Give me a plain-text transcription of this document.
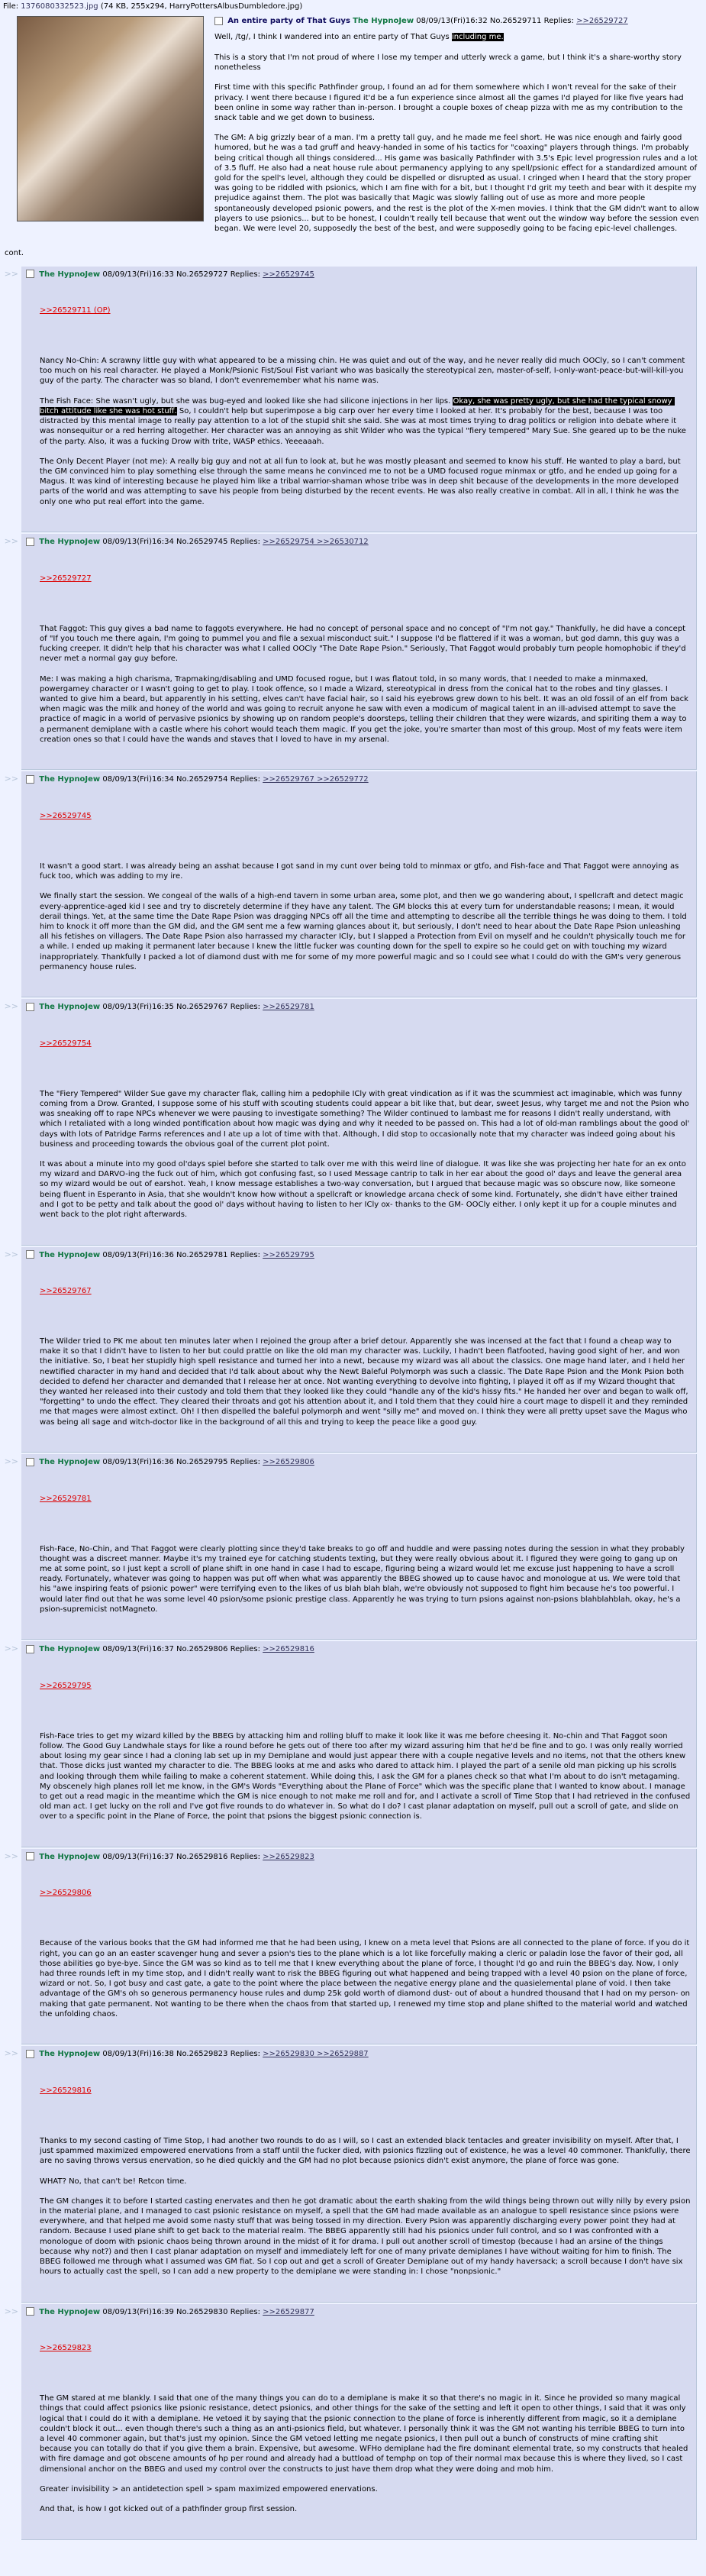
File: 1376080332523.jpg (74 KB, 255x294, HarryPottersAlbusDumbledore.jpg)
An entire party of That Guys The HypnoJew 08/09/13(Fri)16:32 No.26529711 Replies: >>26529727
Well, /tg/, I think I wandered into an entire party of That Guys including me.

This is a story that I'm not proud of where I lose my temper and utterly wreck a game, but I think it's a share-worthy story nonetheless

First time with this specific Pathfinder group, I found an ad for them somewhere which I won't reveal for the sake of their privacy. I went there because I figured it'd be a fun experience since almost all the games I'd played for like five years had been online in some way rather than in-person. I brought a couple boxes of cheap pizza with me as my contribution to the snack table and we get down to business.

The GM: A big grizzly bear of a man. I'm a pretty tall guy, and he made me feel short. He was nice enough and fairly good humored, but he was a tad gruff and heavy-handed in some of his tactics for "coaxing" players through things. I'm probably being critical though all things considered... His game was basically Pathfinder with 3.5's Epic level progression rules and a lot of 3.5 fluff. He also had a neat house rule about permanency applying to any spell/psionic effect for a standardized amount of gold for the spell's level, although they could be dispelled or disrupted as usual. I cringed when I heard that the story proper was going to be riddled with psionics, which I am fine with for a bit, but I thought I'd grit my teeth and bear with it despite my prejudice against them. The plot was basically that Magic was slowly falling out of use as more and more people spontaneously developed psionic powers, and the rest is the plot of the X-men movies. I think that the GM didn't want to allow players to use psionics... but to be honest, I couldn't really tell because that went out the window way before the session even began. We were level 20, supposedly the best of the best, and were supposedly going to be facing epic-level challenges.

cont.
>>	The HypnoJew 08/09/13(Fri)16:33 No.26529727 Replies: >>26529745

>>26529711 (OP)

Nancy No-Chin: A scrawny little guy with what appeared to be a missing chin. He was quiet and out of the way, and he never really did much OOCly, so I can't comment too much on his real character. He played a Monk/Psionic Fist/Soul Fist variant who was basically the stereotypical zen, master-of-self, I-only-want-peace-but-will-kill-you guy of the party. The character was so bland, I don't evenremember what his name was.

The Fish Face: She wasn't ugly, but she was bug-eyed and looked like she had silicone injections in her lips. Okay, she was pretty ugly, but she had the typical snowy bitch attitude like she was hot stuff. So, I couldn't help but superimpose a big carp over her every time I looked at her. It's probably for the best, because I was too distracted by this mental image to really pay attention to a lot of the stupid shit she said. She was at most times trying to drag politics or religion into debate where it was nonsequitur or a red herring altogether. Her character was an annoying as shit Wilder who was the typical "fiery tempered" Mary Sue. She geared up to be the nuke of the party. Also, it was a fucking Drow with trite, WASP ethics. Yeeeaaah.

The Only Decent Player (not me): A really big guy and not at all fun to look at, but he was mostly pleasant and seemed to know his stuff. He wanted to play a bard, but the GM convinced him to play something else through the same means he convinced me to not be a UMD focused rogue minmax or gtfo, and he ended up going for a Magus. It was kind of interesting because he played him like a tribal warrior-shaman whose tribe was in deep shit because of the developments in the more developed parts of the world and was attempting to save his people from being disturbed by the recent events. He was also really creative in combat. All in all, I think he was the only one who put real effort into the game.

>>	The HypnoJew 08/09/13(Fri)16:34 No.26529745 Replies: >>26529754 >>26530712

>>26529727

That Faggot: This guy gives a bad name to faggots everywhere. He had no concept of personal space and no concept of "I'm not gay." Thankfully, he did have a concept of "If you touch me there again, I'm going to pummel you and file a sexual misconduct suit." I suppose I'd be flattered if it was a woman, but god damn, this guy was a fucking creeper. It didn't help that his character was what I called OOCly "The Date Rape Psion." Seriously, That Faggot would probably turn people homophobic if they'd never met a normal gay guy before.

Me: I was making a high charisma, Trapmaking/disabling and UMD focused rogue, but I was flatout told, in so many words, that I needed to make a minmaxed, powergamey character or I wasn't going to get to play. I took offence, so I made a Wizard, stereotypical in dress from the conical hat to the robes and tiny glasses. I wanted to give him a beard, but apparently in his setting, elves can't have facial hair, so I said his eyebrows grew down to his belt. It was an old fossil of an elf from back when magic was the milk and honey of the world and was going to recruit anyone he saw with even a modicum of magical talent in an ill-advised attempt to save the practice of magic in a world of pervasive psionics by showing up on random people's doorsteps, telling their children that they were wizards, and spiriting them a way to a permanent demiplane with a castle where his cohort would teach them magic. If you get the joke, you're smarter than most of this group. Most of my feats were item creation ones so that I could have the wands and staves that I loved to have in my arsenal.

>>	The HypnoJew 08/09/13(Fri)16:34 No.26529754 Replies: >>26529767 >>26529772

>>26529745

It wasn't a good start. I was already being an asshat because I got sand in my cunt over being told to minmax or gtfo, and Fish-face and That Faggot were annoying as fuck too, which was adding to my ire.

We finally start the session. We congeal of the walls of a high-end tavern in some urban area, some plot, and then we go wandering about, I spellcraft and detect magic every-apprentice-aged kid I see and try to discretely determine if they have any talent. The GM blocks this at every turn for understandable reasons; I mean, it would derail things. Yet, at the same time the Date Rape Psion was dragging NPCs off all the time and attempting to describe all the terrible things he was doing to them. I told him to knock it off more than the GM did, and the GM sent me a few warning glances about it, but seriously, I don't need to hear about the Date Rape Psion unleashing all his fetishes on villagers. The Date Rape Psion also harrassed my character ICly, but I slapped a Protection from Evil on myself and he couldn't physically touch me for a while. I ended up making it permanent later because I knew the little fucker was counting down for the spell to expire so he could get on with touching my wizard inappropriately. Thankfully I packed a lot of diamond dust with me for some of my more powerful magic and so I could see what I could do with the GM's very generous permanency house rules.

>>	The HypnoJew 08/09/13(Fri)16:35 No.26529767 Replies: >>26529781

>>26529754

The "Fiery Tempered" Wilder Sue gave my character flak, calling him a pedophile ICly with great vindication as if it was the scummiest act imaginable, which was funny coming from a Drow. Granted, I suppose some of his stuff with scouting students could appear a bit like that, but dear, sweet Jesus, why target me and not the Psion who was sneaking off to rape NPCs whenever we were pausing to investigate something? The Wilder continued to lambast me for reasons I didn't really understand, with which I retaliated with a long winded pontification about how magic was dying and why it needed to be passed on. This had a lot of old-man ramblings about the good ol' days with lots of Patridge Farms references and I ate up a lot of time with that. Although, I did stop to occasionally note that my character was indeed going about his business and proceeding towards the obvious goal of the current plot point.

It was about a minute into my good ol'days spiel before she started to talk over me with this weird line of dialogue. It was like she was projecting her hate for an ex onto my wizard and DARVO-ing the fuck out of him, which got confusing fast, so I used Message cantrip to talk in her ear about the good ol' days and leave the general area so my wizard would be out of earshot. Yeah, I know message establishes a two-way conversation, but I argued that because magic was so obscure now, like someone being fluent in Esperanto in Asia, that she wouldn't know how without a spellcraft or knowledge arcana check of some kind. Fortunately, she didn't have either trained and I got to be petty and talk about the good ol' days without having to listen to her ICly ox- thanks to the GM- OOCly either. I only kept it up for a couple minutes and went back to the plot right afterwards.

>>	The HypnoJew 08/09/13(Fri)16:36 No.26529781 Replies: >>26529795

>>26529767

The Wilder tried to PK me about ten minutes later when I rejoined the group after a brief detour. Apparently she was incensed at the fact that I found a cheap way to make it so that I didn't have to listen to her but could prattle on like the old man my character was. Luckily, I hadn't been flatfooted, having good sight of her, and won the initiative. So, I beat her stupidly high spell resistance and turned her into a newt, because my wizard was all about the classics. One mage hand later, and I held her newtified character in my hand and decided that I'd talk about about why the Newt Baleful Polymorph was such a classic. The Date Rape Psion and the Monk Psion both decided to defend her character and demanded that I release her at once. Not wanting everything to devolve into fighting, I played it off as if my Wizard thought that they wanted her released into their custody and told them that they looked like they could "handle any of the kid's hissy fits." He handed her over and began to walk off, "forgetting" to undo the effect. They cleared their throats and got his attention about it, and I told them that they could hire a court mage to dispell it and they reminded me that mages were almost extinct. Oh! I then dispelled the baleful polymorph and went "silly me" and moved on. I think they were all pretty upset save the Magus who was being all sage and witch-doctor like in the background of all this and trying to keep the peace like a good guy.

>>	The HypnoJew 08/09/13(Fri)16:36 No.26529795 Replies: >>26529806

>>26529781

Fish-Face, No-Chin, and That Faggot were clearly plotting since they'd take breaks to go off and huddle and were passing notes during the session in what they probably thought was a discreet manner. Maybe it's my trained eye for catching students texting, but they were really obvious about it. I figured they were going to gang up on me at some point, so I just kept a scroll of plane shift in one hand in case I had to escape, figuring being a wizard would let me excuse just happening to have a scroll ready. Fortunately, whatever was going to happen was put off when what was apparently the BBEG showed up to cause havoc and monologue at us. We were told that his "awe inspiring feats of psionic power" were terrifying even to the likes of us blah blah blah, we're obviously not supposed to fight him because he's too powerful. I would later find out that he was some level 40 psion/some psionic prestige class. Apparently he was trying to turn psions against non-psions blahblahblah, okay, he's a psion-supremicist notMagneto.

>>	The HypnoJew 08/09/13(Fri)16:37 No.26529806 Replies: >>26529816

>>26529795

Fish-Face tries to get my wizard killed by the BBEG by attacking him and rolling bluff to make it look like it was me before cheesing it. No-chin and That Faggot soon follow. The Good Guy Landwhale stays for like a round before he gets out of there too after my wizard assuring him that he'd be fine and to go. I was only really worried about losing my gear since I had a cloning lab set up in my Demiplane and would just appear there with a couple negative levels and no items, not that the others knew that. Those dicks just wanted my character to die. The BBEG looks at me and asks who dared to attack him. I played the part of a senile old man picking up his scrolls and looking through them while failing to make a coherent statement. While doing this, I ask the GM for a planes check so that what I'm about to do isn't metagaming. My obscenely high planes roll let me know, in the GM's Words "Everything about the Plane of Force" which was the specific plane that I wanted to know about. I manage to get out a read magic in the meantime which the GM is nice enough to not make me roll and for, and I activate a scroll of Time Stop that I had retrieved in the confused old man act. I get lucky on the roll and I've got five rounds to do whatever in. So what do I do? I cast planar adaptation on myself, pull out a scroll of gate, and slide on over to a specific point in the Plane of Force, the point that psions the biggest psionic connection is.

>>	The HypnoJew 08/09/13(Fri)16:37 No.26529816 Replies: >>26529823

>>26529806

Because of the various books that the GM had informed me that he had been using, I knew on a meta level that Psions are all connected to the plane of force. If you do it right, you can go an an easter scavenger hung and sever a psion's ties to the plane which is a lot like forcefully making a cleric or paladin lose the favor of their god, all those abilities go bye-bye. Since the GM was so kind as to tell me that I knew everything about the plane of force, I thought I'd go and ruin the BBEG's day. Now, I only had three rounds left in my time stop, and I didn't really want to risk the BBEG figuring out what happened and being trapped with a level 40 psion on the plane of force, wizard or not. So, I got busy and cast gate, a gate to the point where the place between the negative energy plane and the quasielemental plane of void. I then take advantage of the GM's oh so generous permanency house rules and dump 25k gold worth of diamond dust- out of about a hundred thousand that I had on my person- on making that gate permanent. Not wanting to be there when the chaos from that started up, I renewed my time stop and plane shifted to the material world and watched the unfolding chaos.

>>	The HypnoJew 08/09/13(Fri)16:38 No.26529823 Replies: >>26529830 >>26529887

>>26529816

Thanks to my second casting of Time Stop, I had another two rounds to do as I will, so I cast an extended black tentacles and greater invisibility on myself. After that, I just spammed maximized empowered enervations from a staff until the fucker died, with psionics fizzling out of existence, he was a level 40 commoner. Thankfully, there are no saving throws versus enervation, so he died quickly and the GM had no plot because psionics didn't exist anymore, the plane of force was gone.

WHAT? No, that can't be! Retcon time.

The GM changes it to before I started casting enervates and then he got dramatic about the earth shaking from the wild things being thrown out willy nilly by every psion in the material plane, and I managed to cast psionic resistance on myself, a spell that the GM had made available as an analogue to spell resistance since psions were everywhere, and that helped me avoid some nasty stuff that was being tossed in my direction. Every Psion was apparently discharging every power point they had at random. Because I used plane shift to get back to the material realm. The BBEG apparently still had his psionics under full control, and so I was confronted with a monologue of doom with psionic chaos being thrown around in the midst of it for drama. I pull out another scroll of timestop (because I had an arsine of the things because why not?) and then I cast planar adaptation on myself and immediately left for one of many private demiplanes I have without waiting for him to finish. The BBEG followed me through what I assumed was GM fiat. So I cop out and get a scroll of Greater Demiplane out of my handy haversack; a scroll because I don't have six hours to actually cast the spell, so I can add a new property to the demiplane we were standing in: I chose "nonpsionic."

>>	The HypnoJew 08/09/13(Fri)16:39 No.26529830 Replies: >>26529877

>>26529823

The GM stared at me blankly. I said that one of the many things you can do to a demiplane is make it so that there's no magic in it. Since he provided so many magical things that could affect psionics like psionic resistance, detect psionics, and other things for the sake of the setting and left it open to other things, I said that it was only logical that I could do it with a demiplane. He vetoed it by saying that the psionic connection to the plane of force is inherently different from magic, so it a demiplane couldn't block it out... even though there's such a thing as an anti-psionics field, but whatever. I personally think it was the GM not wanting his terrible BBEG to turn into a level 40 commoner again, but that's just my opinion. Since the GM vetoed letting me negate psionics, I then pull out a bunch of constructs of mine crafting shit because you can totally do that if you give them a brain. Expensive, but awesome. WFHo demiplane had the fire dominant elemental trate, so my constructs that healed with fire damage and got obscene amounts of hp per round and already had a buttload of temphp on top of their normal max because this is where they lived, so I cast dimensional anchor on the BBEG and used my control over the constructs to just have them drop what they were doing and mob him.

Greater invisibility > an antidetection spell > spam maximized empowered enervations.

And that, is how I got kicked out of a pathfinder group first session.
